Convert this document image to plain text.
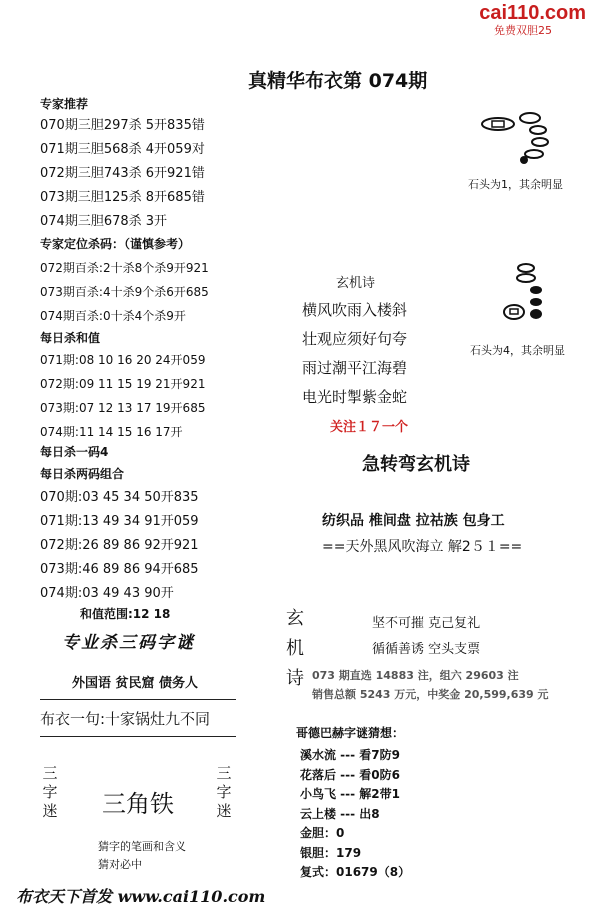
cai110.com
免费双胆25
真精华布衣第 074期
专家推荐
070期三胆297杀 5开835错
071期三胆568杀 4开059对
072期三胆743杀 6开921错
073期三胆125杀 8开685错
074期三胆678杀 3开
专家定位杀码：（谨慎参考）
072期百杀:2十杀8个杀9开921
073期百杀:4十杀9个杀6开685
074期百杀:0十杀4个杀9开
每日杀和值
071期:08 10 16 20 24开059
072期:09 11 15 19 21开921
073期:07 12 13 17 19开685
074期:11 14 15 16 17开
每日杀一码4
每日杀两码组合
070期:03 45 34 50开835
071期:13 49 34 91开059
072期:26 89 86 92开921
073期:46 89 86 94开685
074期:03 49 43 90开
和值范围:12 18
专业杀三码字谜
外国语 贫民窟 债务人
布衣一句:十家锅灶九不同
三字迷 三角铁
三字迷
猜字的笔画和含义
猜对必中
布衣天下首发 www.cai110.com
石头为1，其余明显
石头为4，其余明显
玄机诗
横风吹雨入楼斜
壮观应须好句夸
雨过潮平江海碧
电光时掣紫金蛇
关注１７一个
急转弯玄机诗
纺织品 椎间盘 拉祜族 包身工
==天外黑风吹海立 解2５１==
玄
机
诗
坚不可摧 克己复礼
循循善诱 空头支票
073 期直选 14883 注，组六 29603 注
销售总额 5243 万元，中奖金 20,599,639 元
哥德巴赫字谜猜想：
溪水流 --- 看7防9
花落后 --- 看0防6
小鸟飞 --- 解2带1
云上楼 --- 出8
金胆：0
银胆：179
复式：01679（8）
